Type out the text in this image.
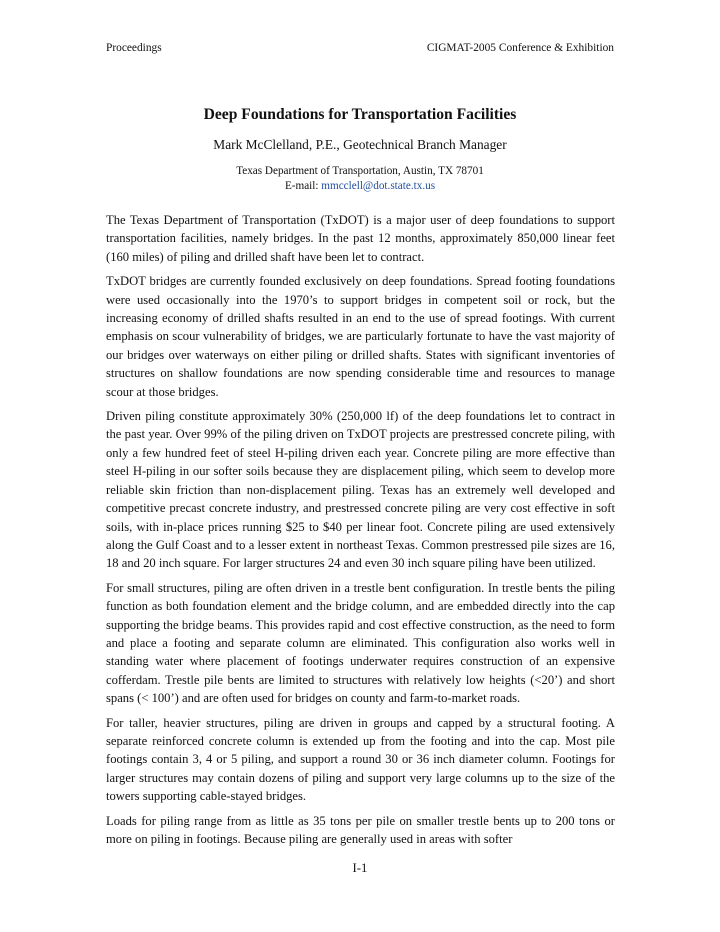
Proceedings	CIGMAT-2005 Conference & Exhibition
Deep Foundations for Transportation Facilities
Mark McClelland, P.E., Geotechnical Branch Manager
Texas Department of Transportation, Austin, TX 78701
E-mail: mmcclell@dot.state.tx.us

The Texas Department of Transportation (TxDOT) is a major user of deep foundations to support transportation facilities, namely bridges. In the past 12 months, approximately 850,000 linear feet (160 miles) of piling and drilled shaft have been let to contract.

TxDOT bridges are currently founded exclusively on deep foundations. Spread footing foundations were used occasionally into the 1970’s to support bridges in competent soil or rock, but the increasing economy of drilled shafts resulted in an end to the use of spread footings. With current emphasis on scour vulnerability of bridges, we are particularly fortunate to have the vast majority of our bridges over waterways on either piling or drilled shafts. States with significant inventories of structures on shallow foundations are now spending considerable time and resources to manage scour at those bridges.

Driven piling constitute approximately 30% (250,000 lf) of the deep foundations let to contract in the past year. Over 99% of the piling driven on TxDOT projects are prestressed concrete piling, with only a few hundred feet of steel H-piling driven each year. Concrete piling are more effective than steel H-piling in our softer soils because they are displacement piling, which seem to develop more reliable skin friction than non-displacement piling. Texas has an extremely well developed and competitive precast concrete industry, and prestressed concrete piling are very cost effective in soft soils, with in-place prices running $25 to $40 per linear foot. Concrete piling are used extensively along the Gulf Coast and to a lesser extent in northeast Texas. Common prestressed pile sizes are 16, 18 and 20 inch square. For larger structures 24 and even 30 inch square piling have been utilized.

For small structures, piling are often driven in a trestle bent configuration. In trestle bents the piling function as both foundation element and the bridge column, and are embedded directly into the cap supporting the bridge beams. This provides rapid and cost effective construction, as the need to form and place a footing and separate column are eliminated. This configuration also works well in standing water where placement of footings underwater requires construction of an expensive cofferdam. Trestle pile bents are limited to structures with relatively low heights (<20’) and short spans (< 100’) and are often used for bridges on county and farm-to-market roads.

For taller, heavier structures, piling are driven in groups and capped by a structural footing. A separate reinforced concrete column is extended up from the footing and into the cap. Most pile footings contain 3, 4 or 5 piling, and support a round 30 or 36 inch diameter column. Footings for larger structures may contain dozens of piling and support very large columns up to the size of the towers supporting cable-stayed bridges.

Loads for piling range from as little as 35 tons per pile on smaller trestle bents up to 200 tons or more on piling in footings. Because piling are generally used in areas with softer

I-1
